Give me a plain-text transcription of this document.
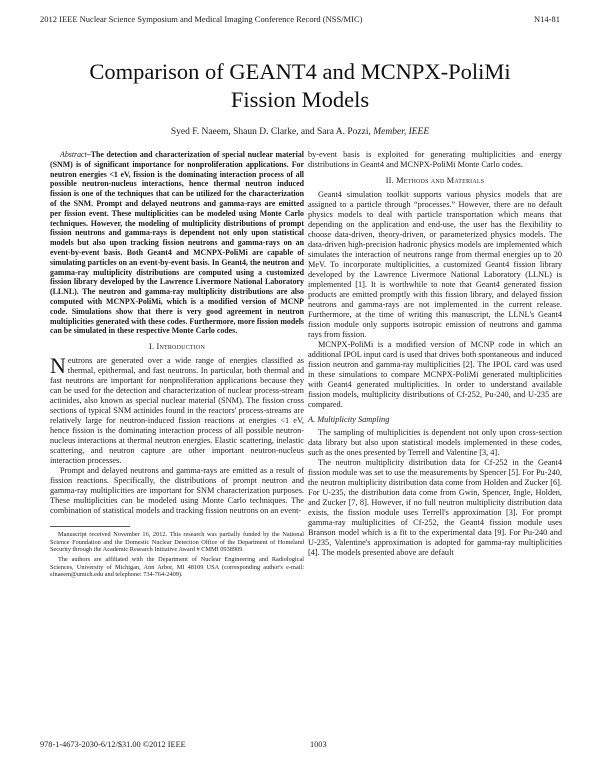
2012 IEEE Nuclear Science Symposium and Medical Imaging Conference Record (NSS/MIC)	N14-81
Comparison of GEANT4 and MCNPX-PoliMi
Fission Models
Syed F. Naeem, Shaun D. Clarke, and Sara A. Pozzi, Member, IEEE

Abstract–The detection and characterization of special nuclear material (SNM) is of significant importance for nonproliferation applications. For neutron energies <1 eV, fission is the dominating interaction process of all possible neutron-nucleus interactions, hence thermal neutron induced fission is one of the techniques that can be utilized for the characterization of the SNM. Prompt and delayed neutrons and gamma-rays are emitted per fission event. These multiplicities can be modeled using Monte Carlo techniques. However, the modeling of multiplicity distributions of prompt fission neutrons and gamma-rays is dependent not only upon statistical models but also upon tracking fission neutrons and gamma-rays on an event-by-event basis. Both Geant4 and MCNPX-PoliMi are capable of simulating particles on an event-by-event basis. In Geant4, the neutron and gamma-ray multiplicity distributions are computed using a customized fission library developed by the Lawrence Livermore National Laboratory (LLNL). The neutron and gamma-ray multiplicity distributions are also computed with MCNPX-PoliMi, which is a modified version of MCNP code. Simulations show that there is very good agreement in neutron multiplicities generated with these codes. Furthermore, more fission models can be simulated in these respective Monte Carlo codes.

I. Introduction

Neutrons are generated over a wide range of energies classified as thermal, epithermal, and fast neutrons. In particular, both thermal and fast neutrons are important for nonproliferation applications because they can be used for the detection and characterization of nuclear process-stream actinides, also known as special nuclear material (SNM). The fission cross sections of typical SNM actinides found in the reactors' process-streams are relatively large for neutron-induced fission reactions at energies <1 eV, hence fission is the dominating interaction process of all possible neutron-nucleus interactions at thermal neutron energies. Elastic scattering, inelastic scattering, and neutron capture are other important neutron-nucleus interaction processes.

Prompt and delayed neutrons and gamma-rays are emitted as a result of fission reactions. Specifically, the distributions of prompt neutron and gamma-ray multiplicities are important for SNM characterization purposes. These multiplicities can be modeled using Monte Carlo techniques. The combination of statistical models and tracking fission neutrons on an event-

Manuscript received November 16, 2012. This research was partially funded by the National Science Foundation and the Domestic Nuclear Detection Office of the Department of Homeland Security through the Academic Research Initiative Award # CMMI 0938909.

The authors are affiliated with the Department of Nuclear Engineering and Radiological Sciences, University of Michigan, Ann Arbor, MI 48109 USA (corresponding author's e-mail: sfnaeem@umich.edu and telephone: 734-764-2409).

by-event basis is exploited for generating multiplicities and energy distributions in Geant4 and MCNPX-PoliMi Monte Carlo codes.

II. Methods and Materials

Geant4 simulation toolkit supports various physics models that are assigned to a particle through “processes.” However, there are no default physics models to deal with particle transportation which means that depending on the application and end-use, the user has the flexibility to choose data-driven, theory-driven, or parameterized physics models. The data-driven high-precision hadronic physics models are implemented which simulates the interaction of neutrons range from thermal energies up to 20 MeV. To incorporate multiplicities, a customized Geant4 fission library developed by the Lawrence Livermore National Laboratory (LLNL) is implemented [1]. It is worthwhile to note that Geant4 generated fission products are emitted promptly with this fission library, and delayed fission neutrons and gamma-rays are not implemented in the current release. Furthermore, at the time of writing this manuscript, the LLNL's Geant4 fission module only supports isotropic emission of neutrons and gamma rays from fission.

MCNPX-PoliMi is a modified version of MCNP code in which an additional IPOL input card is used that drives both spontaneous and induced fission neutron and gamma-ray multiplicities [2]. The IPOL card was used in these simulations to compare MCNPX-PoliMi generated multiplicities with Geant4 generated multiplicities. In order to understand available fission models, multiplicity distributions of Cf-252, Pu-240, and U-235 are compared.

A. Multiplicity Sampling

The sampling of multiplicities is dependent not only upon cross-section data library but also upon statistical models implemented in these codes, such as the ones presented by Terrell and Valentine [3, 4].

The neutron multiplicity distribution data for Cf-252 in the Geant4 fission module was set to use the measurements by Spencer [5]. For Pu-240, the neutron multiplicity distribution data come from Holden and Zucker [6]. For U-235, the distribution data come from Gwin, Spencer, Ingle, Holden, and Zucker [7, 8]. However, if no full neutron multiplicity distribution data exists, the fission module uses Terrell's approximation [3]. For prompt gamma-ray multiplicities of Cf-252, the Geant4 fission module uses Branson model which is a fit to the experimental data [9]. For Pu-240 and U-235, Valentine's approximation is adopted for gamma-ray multiplicities [4]. The models presented above are default

978-1-4673-2030-6/12/$31.00 ©2012 IEEE	1003
